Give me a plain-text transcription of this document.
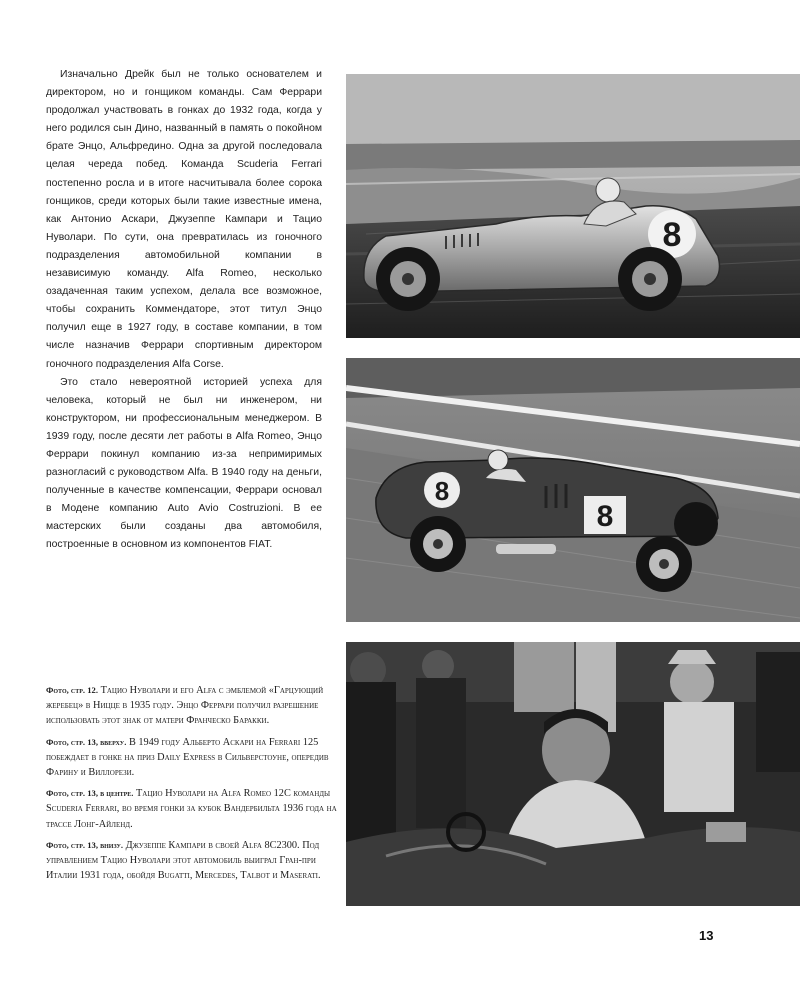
Изначально Дрейк был не только основателем и директором, но и гонщиком команды. Сам Феррари продолжал участвовать в гонках до 1932 года, когда у него родился сын Дино, названный в память о покойном брате Энцо, Альфредино. Одна за другой последовала целая череда побед. Команда Scuderia Ferrari постепенно росла и в итоге насчитывала более сорока гонщиков, среди которых были такие известные имена, как Антонио Аскари, Джузеппе Кампари и Тацио Нуволари. По сути, она превратилась из гоночного подразделения автомобильной компании в независимую команду. Alfa Romeo, несколько озадаченная таким успехом, делала все возможное, чтобы сохранить Коммендаторе, этот титул Энцо получил еще в 1927 году, в составе компании, в том числе назначив Феррари спортивным директором гоночного подразделения Alfa Corse.

Это стало невероятной историей успеха для человека, который не был ни инженером, ни конструктором, ни профессиональным менеджером. В 1939 году, после десяти лет работы в Alfa Romeo, Энцо Феррари покинул компанию из-за непримиримых разногласий с руководством Alfa. В 1940 году на деньги, полученные в качестве компенсации, Феррари основал в Модене компанию Auto Avio Costruzioni. В ее мастерских были созданы два автомобиля, построенные в основном из компонентов FIAT.

Фото, стр. 12. Тацио Нуволари и его Alfa с эмблемой «Гарцующий жеребец» в Ницце в 1935 году. Энцо Феррари получил разрешение использовать этот знак от матери Франческо Баракки.

Фото, стр. 13, вверху. В 1949 году Альберто Аскари на Ferrari 125 побеждает в гонке на приз Daily Express в Сильверстоуне, опередив Фарину и Виллорези.

Фото, стр. 13, в центре. Тацио Нуволари на Alfa Romeo 12C команды Scuderia Ferrari, во время гонки за кубок Вандербильта 1936 года на трассе Лонг-Айленд.

Фото, стр. 13, внизу. Джузеппе Кампари в своей Alfa 8C2300. Под управлением Тацио Нуволари этот автомобиль выиграл Гран-при Италии 1931 года, обойдя Bugatti, Mercedes, Talbot и Maserati.

8
8
8
13
